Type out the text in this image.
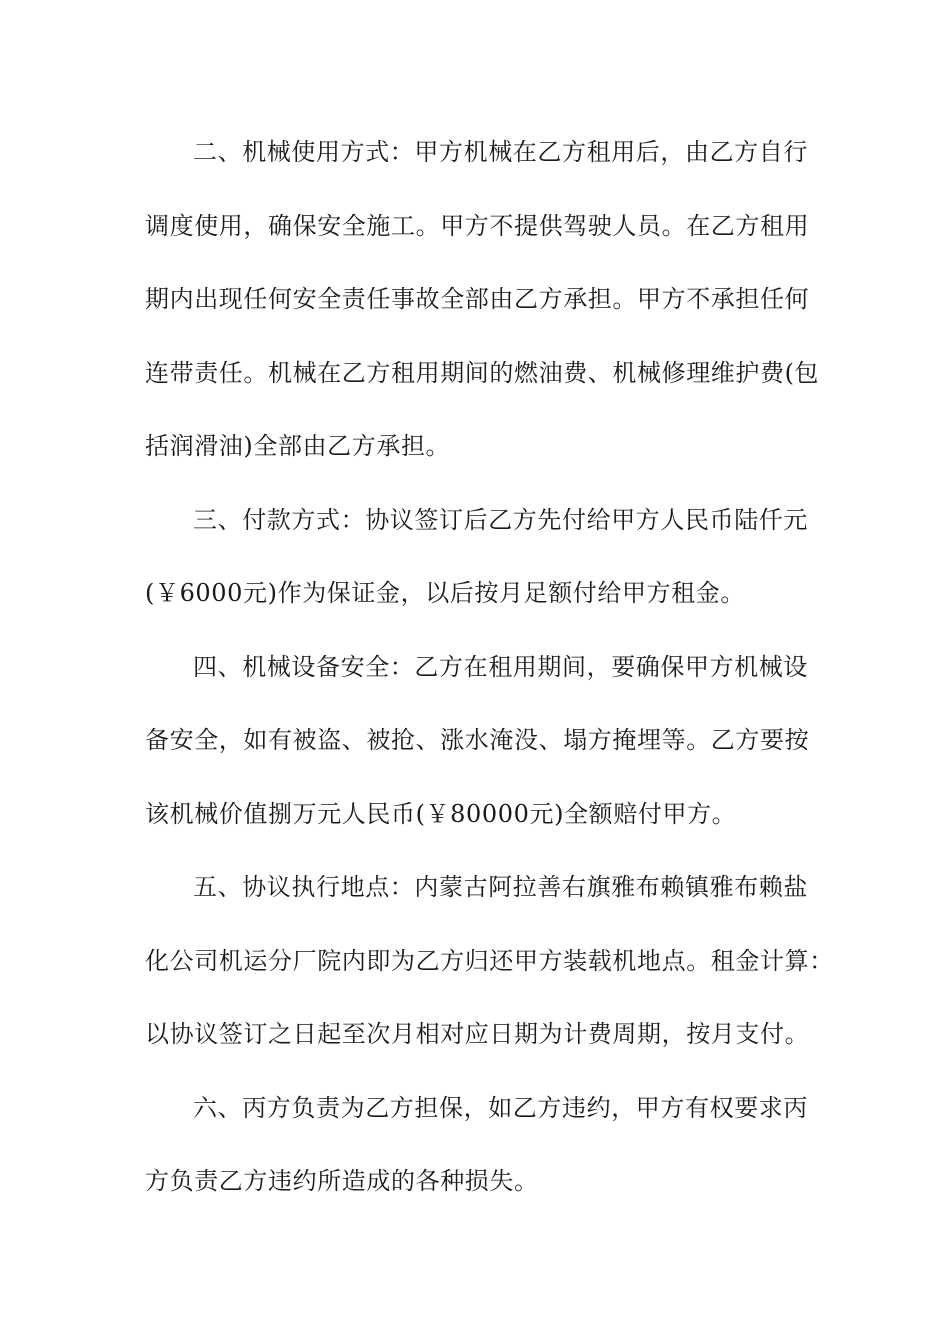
二、机械使用方式：甲方机械在乙方租用后，由乙方自行
调度使用，确保安全施工。甲方不提供驾驶人员。在乙方租用
期内出现任何安全责任事故全部由乙方承担。甲方不承担任何
连带责任。机械在乙方租用期间的燃油费、机械修理维护费(包
括润滑油)全部由乙方承担。
三、付款方式：协议签订后乙方先付给甲方人民币陆仟元
(￥6000元)作为保证金，以后按月足额付给甲方租金。
四、机械设备安全：乙方在租用期间，要确保甲方机械设
备安全，如有被盗、被抢、涨水淹没、塌方掩埋等。乙方要按
该机械价值捌万元人民币(￥80000元)全额赔付甲方。
五、协议执行地点：内蒙古阿拉善右旗雅布赖镇雅布赖盐
化公司机运分厂院内即为乙方归还甲方装载机地点。租金计算：
以协议签订之日起至次月相对应日期为计费周期，按月支付。
六、丙方负责为乙方担保，如乙方违约，甲方有权要求丙
方负责乙方违约所造成的各种损失。
